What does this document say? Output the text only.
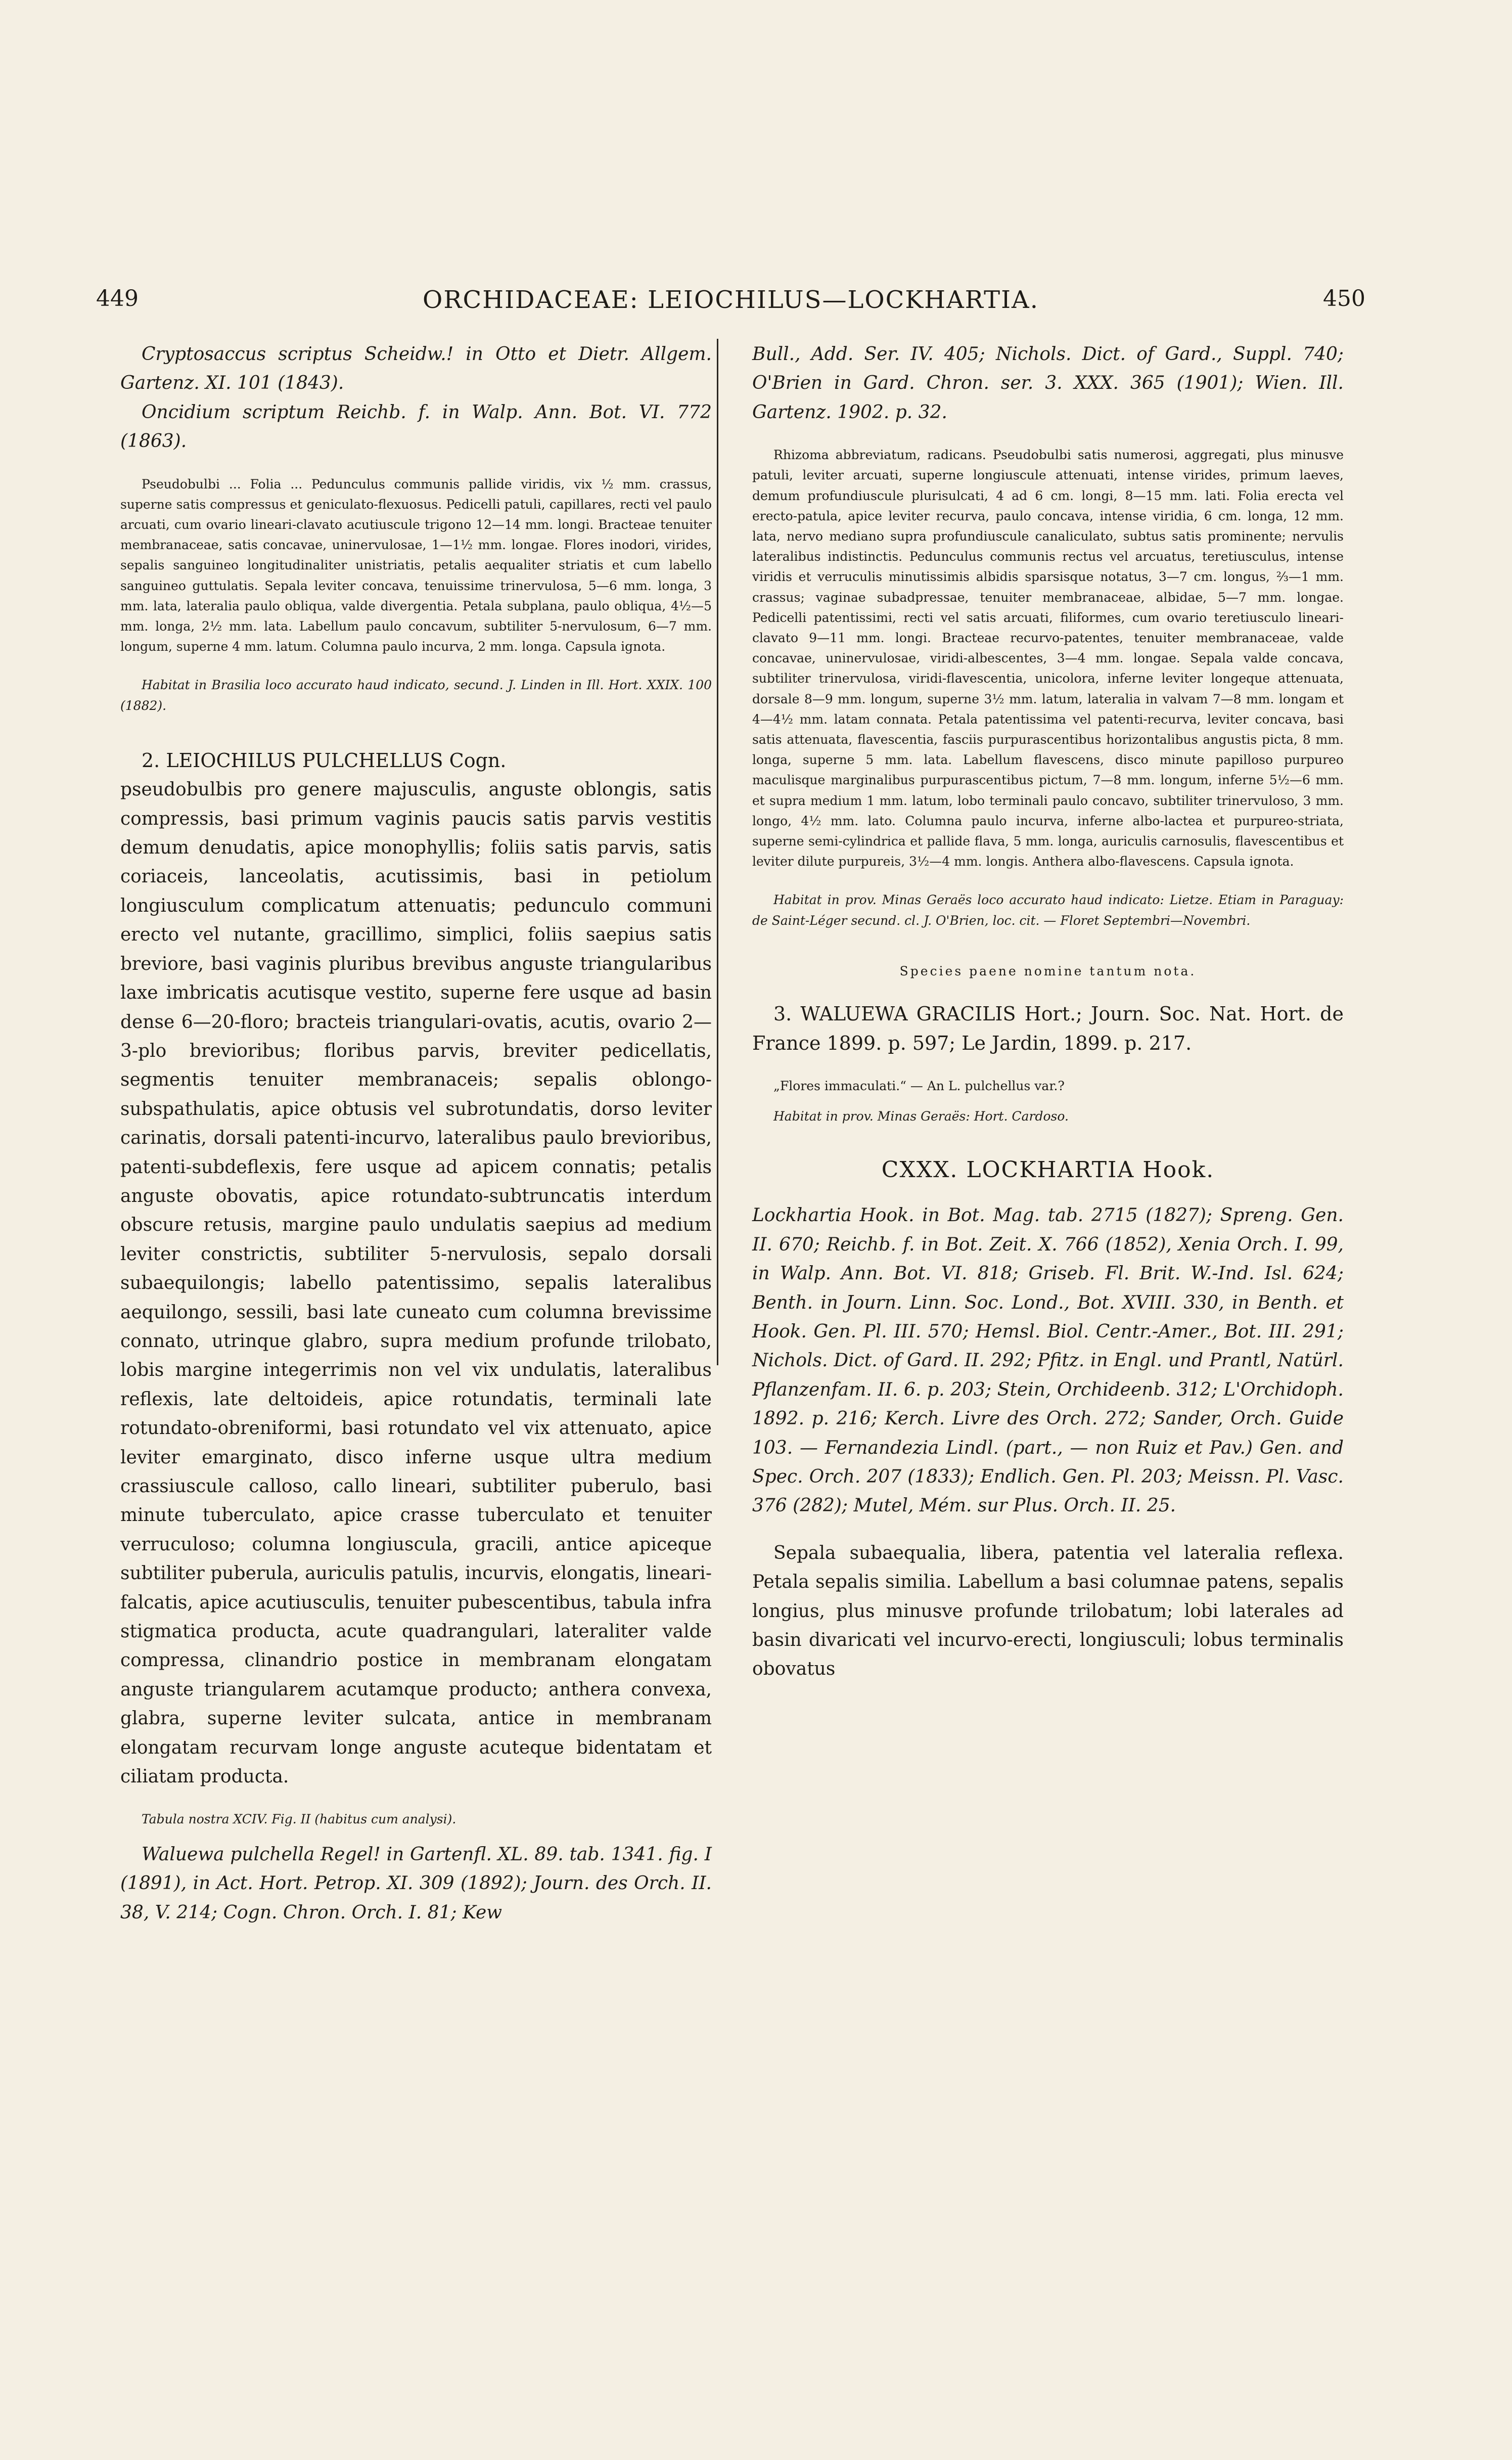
449	ORCHIDACEAE: LEIOCHILUS—LOCKHARTIA.	450

Cryptosaccus scriptus Scheidw.! in Otto et Dietr. Allgem. Gartenz. XI. 101 (1843).

Oncidium scriptum Reichb. f. in Walp. Ann. Bot. VI. 772 (1863).

Pseudobulbi ... Folia ... Pedunculus communis pallide viridis, vix ½ mm. crassus, superne satis compressus et geniculato-flexuosus. Pedicelli patuli, capillares, recti vel paulo arcuati, cum ovario lineari-clavato acutiuscule trigono 12—14 mm. longi. Bracteae tenuiter membranaceae, satis concavae, uninervulosae, 1—1½ mm. longae. Flores inodori, virides, sepalis sanguineo longitudinaliter unistriatis, petalis aequaliter striatis et cum labello sanguineo guttulatis. Sepala leviter concava, tenuissime trinervulosa, 5—6 mm. longa, 3 mm. lata, lateralia paulo obliqua, valde divergentia. Petala subplana, paulo obliqua, 4½—5 mm. longa, 2½ mm. lata. Labellum paulo concavum, subtiliter 5-nervulosum, 6—7 mm. longum, superne 4 mm. latum. Columna paulo incurva, 2 mm. longa. Capsula ignota.

Habitat in Brasilia loco accurato haud indicato, secund. J. Linden in Ill. Hort. XXIX. 100 (1882).

2. LEIOCHILUS PULCHELLUS Cogn.

pseudobulbis pro genere majusculis, anguste oblongis, satis compressis, basi primum vaginis paucis satis parvis vestitis demum denudatis, apice monophyllis; foliis satis parvis, satis coriaceis, lanceolatis, acutissimis, basi in petiolum longiusculum complicatum attenuatis; pedunculo communi erecto vel nutante, gracillimo, simplici, foliis saepius satis breviore, basi vaginis pluribus brevibus anguste triangularibus laxe imbricatis acutisque vestito, superne fere usque ad basin dense 6—20-floro; bracteis triangulari-ovatis, acutis, ovario 2—3-plo brevioribus; floribus parvis, breviter pedicellatis, segmentis tenuiter membranaceis; sepalis oblongo-subspathulatis, apice obtusis vel subrotundatis, dorso leviter carinatis, dorsali patenti-incurvo, lateralibus paulo brevioribus, patenti-subdeflexis, fere usque ad apicem connatis; petalis anguste obovatis, apice rotundato-subtruncatis interdum obscure retusis, margine paulo undulatis saepius ad medium leviter constrictis, subtiliter 5-nervulosis, sepalo dorsali subaequilongis; labello patentissimo, sepalis lateralibus aequilongo, sessili, basi late cuneato cum columna brevissime connato, utrinque glabro, supra medium profunde trilobato, lobis margine integerrimis non vel vix undulatis, lateralibus reflexis, late deltoideis, apice rotundatis, terminali late rotundato-obreniformi, basi rotundato vel vix attenuato, apice leviter emarginato, disco inferne usque ultra medium crassiuscule calloso, callo lineari, subtiliter puberulo, basi minute tuberculato, apice crasse tuberculato et tenuiter verruculoso; columna longiuscula, gracili, antice apiceque subtiliter puberula, auriculis patulis, incurvis, elongatis, lineari-falcatis, apice acutiusculis, tenuiter pubescentibus, tabula infra stigmatica producta, acute quadrangulari, lateraliter valde compressa, clinandrio postice in membranam elongatam anguste triangularem acutamque producto; anthera convexa, glabra, superne leviter sulcata, antice in membranam elongatam recurvam longe anguste acuteque bidentatam et ciliatam producta.

Tabula nostra XCIV. Fig. II (habitus cum analysi).

Waluewa pulchella Regel! in Gartenfl. XL. 89. tab. 1341. fig. I (1891), in Act. Hort. Petrop. XI. 309 (1892); Journ. des Orch. II. 38, V. 214; Cogn. Chron. Orch. I. 81; Kew

Bull., Add. Ser. IV. 405; Nichols. Dict. of Gard., Suppl. 740; O'Brien in Gard. Chron. ser. 3. XXX. 365 (1901); Wien. Ill. Gartenz. 1902. p. 32.

Rhizoma abbreviatum, radicans. Pseudobulbi satis numerosi, aggregati, plus minusve patuli, leviter arcuati, superne longiuscule attenuati, intense virides, primum laeves, demum profundiuscule plurisulcati, 4 ad 6 cm. longi, 8—15 mm. lati. Folia erecta vel erecto-patula, apice leviter recurva, paulo concava, intense viridia, 6 cm. longa, 12 mm. lata, nervo mediano supra profundiuscule canaliculato, subtus satis prominente; nervulis lateralibus indistinctis. Pedunculus communis rectus vel arcuatus, teretiusculus, intense viridis et verruculis minutissimis albidis sparsisque notatus, 3—7 cm. longus, ⅔—1 mm. crassus; vaginae subadpressae, tenuiter membranaceae, albidae, 5—7 mm. longae. Pedicelli patentissimi, recti vel satis arcuati, filiformes, cum ovario teretiusculo lineari-clavato 9—11 mm. longi. Bracteae recurvo-patentes, tenuiter membranaceae, valde concavae, uninervulosae, viridi-albescentes, 3—4 mm. longae. Sepala valde concava, subtiliter trinervulosa, viridi-flavescentia, unicolora, inferne leviter longeque attenuata, dorsale 8—9 mm. longum, superne 3½ mm. latum, lateralia in valvam 7—8 mm. longam et 4—4½ mm. latam connata. Petala patentissima vel patenti-recurva, leviter concava, basi satis attenuata, flavescentia, fasciis purpurascentibus horizontalibus angustis picta, 8 mm. longa, superne 5 mm. lata. Labellum flavescens, disco minute papilloso purpureo maculisque marginalibus purpurascentibus pictum, 7—8 mm. longum, inferne 5½—6 mm. et supra medium 1 mm. latum, lobo terminali paulo concavo, subtiliter trinervuloso, 3 mm. longo, 4½ mm. lato. Columna paulo incurva, inferne albo-lactea et purpureo-striata, superne semi-cylindrica et pallide flava, 5 mm. longa, auriculis carnosulis, flavescentibus et leviter dilute purpureis, 3½—4 mm. longis. Anthera albo-flavescens. Capsula ignota.

Habitat in prov. Minas Geraës loco accurato haud indicato: Lietze. Etiam in Paraguay: de Saint-Léger secund. cl. J. O'Brien, loc. cit. — Floret Septembri—Novembri.

Species paene nomine tantum nota.

3. WALUEWA GRACILIS Hort.; Journ. Soc. Nat. Hort. de France 1899. p. 597; Le Jardin, 1899. p. 217.

„Flores immaculati.“ — An L. pulchellus var.?

Habitat in prov. Minas Geraës: Hort. Cardoso.

CXXX. LOCKHARTIA Hook.

Lockhartia Hook. in Bot. Mag. tab. 2715 (1827); Spreng. Gen. II. 670; Reichb. f. in Bot. Zeit. X. 766 (1852), Xenia Orch. I. 99, in Walp. Ann. Bot. VI. 818; Griseb. Fl. Brit. W.-Ind. Isl. 624; Benth. in Journ. Linn. Soc. Lond., Bot. XVIII. 330, in Benth. et Hook. Gen. Pl. III. 570; Hemsl. Biol. Centr.-Amer., Bot. III. 291; Nichols. Dict. of Gard. II. 292; Pfitz. in Engl. und Prantl, Natürl. Pflanzenfam. II. 6. p. 203; Stein, Orchideenb. 312; L'Orchidoph. 1892. p. 216; Kerch. Livre des Orch. 272; Sander, Orch. Guide 103. — Fernandezia Lindl. (part., — non Ruiz et Pav.) Gen. and Spec. Orch. 207 (1833); Endlich. Gen. Pl. 203; Meissn. Pl. Vasc. 376 (282); Mutel, Mém. sur Plus. Orch. II. 25.

Sepala subaequalia, libera, patentia vel lateralia reflexa. Petala sepalis similia. Labellum a basi columnae patens, sepalis longius, plus minusve profunde trilobatum; lobi laterales ad basin divaricati vel incurvo-erecti, longiusculi; lobus terminalis obovatus
